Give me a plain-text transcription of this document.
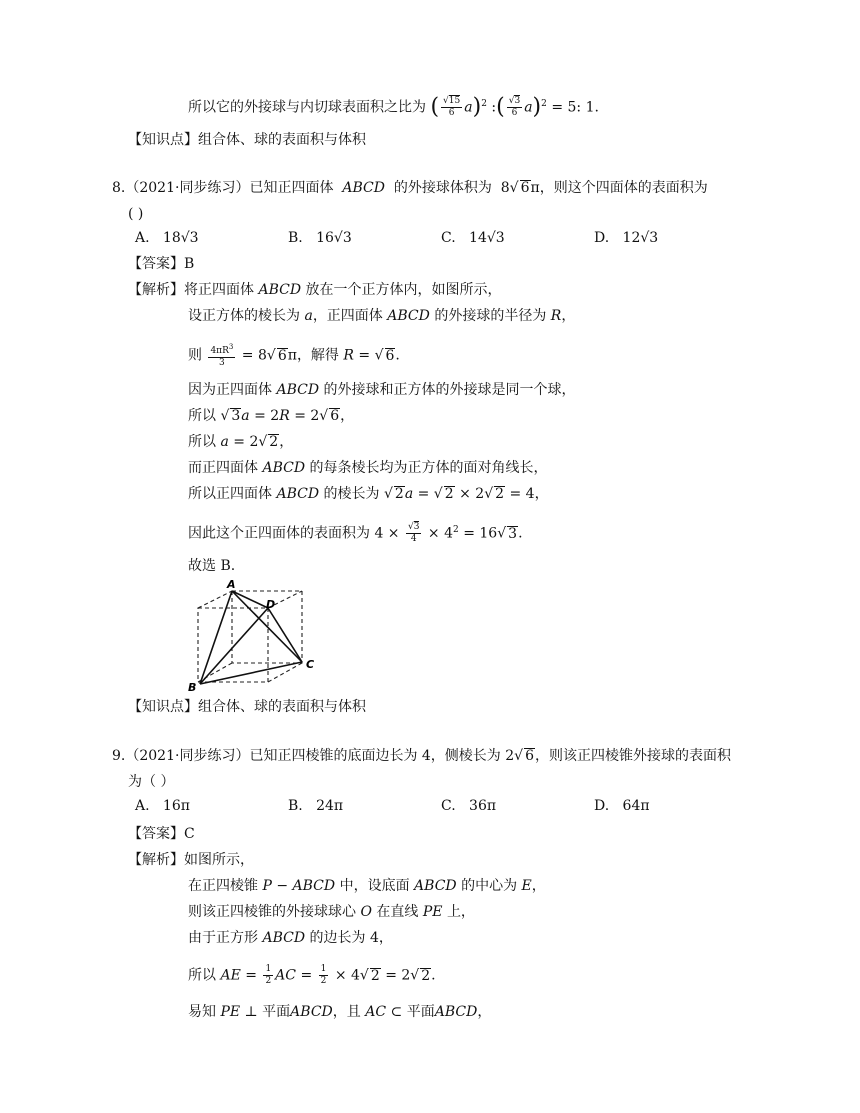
所以它的外接球与内切球表面积之比为 ( $\frac{√15}{6} a)^2$ :( $\frac{√3}{6} a)^2 = 5$: 1.
【知识点】组合体、球的表面积与体积
8.（2021·同步练习）已知正四面体 ABCD 的外接球体积为  8√ 6π，则这个四面体的表面积为
( )
A. 18√3	B. 16√3	C. 14√3	D. 12√3
【答案】B
【解析】将正四面体 ABCD 放在一个正方体内，如图所示，
设正方体的棱长为 a，正四面体 ABCD 的外接球的半径为 R，
则 $\frac{4\pi R^3}{3} = 8√$ 6π，解得 R = √ 6.
因为正四面体 ABCD 的外接球和正方体的外接球是同一个球，
所以 √ 3a = 2R = 2√ 6，
所以 a = 2√ 2，
而正四面体 ABCD 的每条棱长均为正方体的面对角线长，
所以正四面体 ABCD 的棱长为 √ 2a = √ 2 × 2√ 2 = 4，
因此这个正四面体的表面积为 $4 \times \frac{√3}{4} \times 4^2 = 16√$ 3.
故选 B.
A
D
C
B
【知识点】组合体、球的表面积与体积
9.（2021·同步练习）已知正四棱锥的底面边长为 4，侧棱长为 2√ 6，则该正四棱锥外接球的表面积
为（ ）
A. 16π	B. 24π	C. 36π	D. 64π
【答案】C
【解析】如图所示，
在正四棱锥 P − ABCD 中，设底面 ABCD 的中心为 E，
则该正四棱锥的外接球球心 O 在直线 PE 上，
由于正方形 ABCD 的边长为 4，
所以 AE = $\frac{1}{2}$ AC = $\frac{1}{2} \times 4√$ 2 = 2√ 2.
易知 PE ⊥ 平面ABCD，且 AC ⊂ 平面ABCD，
